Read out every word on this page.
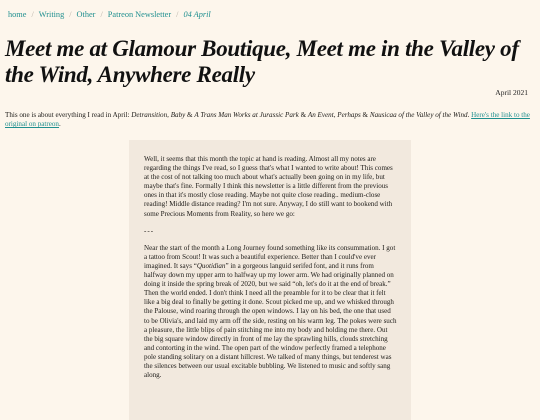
home / Writing / Other / Patreon Newsletter / 04 April
Meet me at Glamour Boutique, Meet me in the Valley of the Wind, Anywhere Really
April 2021

This one is about everything I read in April: Detransition, Baby & A Trans Man Works at Jurassic Park & An Event, Perhaps & Nausicaa of the Valley of the Wind. Here's the link to the original on patreon.

Well, it seems that this month the topic at hand is reading. Almost all my notes are regarding the things I've read, so I guess that's what I wanted to write about! This comes at the cost of not talking too much about what's actually been going on in my life, but maybe that's fine. Formally I think this newsletter is a little different from the previous ones in that it's mostly close reading. Maybe not quite close reading.. medium-close reading! Middle distance reading? I'm not sure. Anyway, I do still want to bookend with some Precious Moments from Reality, so here we go:

---

Near the start of the month a Long Journey found something like its consummation. I got a tattoo from Scout! It was such a beautiful experience. Better than I could've ever imagined. It says “Quotidian” in a gorgeous languid serifed font, and it runs from halfway down my upper arm to halfway up my lower arm. We had originally planned on doing it inside the spring break of 2020, but we said “oh, let's do it at the end of break.” Then the world ended. I don't think I need all the preamble for it to be clear that it felt like a big deal to finally be getting it done. Scout picked me up, and we whisked through the Palouse, wind roaring through the open windows. I lay on his bed, the one that used to be Olivia's, and laid my arm off the side, resting on his warm leg. The pokes were such a pleasure, the little blips of pain stitching me into my body and holding me there. Out the big square window directly in front of me lay the sprawling hills, clouds stretching and contorting in the wind. The open part of the window perfectly framed a telephone pole standing solitary on a distant hillcrest. We talked of many things, but tenderest was the silences between our usual excitable bubbling. We listened to music and softly sang along.
